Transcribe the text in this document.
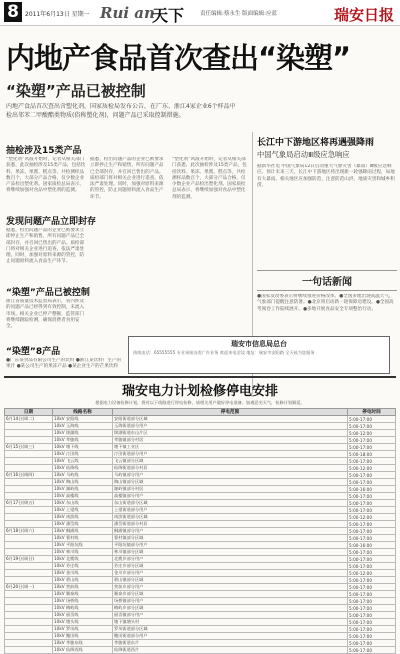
8	2011年6月13日 星期一 Rui an
天下	责任编辑:蔡永生 版面编辑:应蓝	瑞安日报
内地产食品首次查出“染塑”
“染塑”产品已被控制
内地产食品首次查出含塑化剂，国家质检局发布公告，在广东、浙江4家企业6个样品中检出邻苯二甲酸酯类物质(俗称塑化剂)，问题产品已采取控制措施。
抽检涉及15类产品
“塑化剂”风波开始时，记者从相关部门获悉，此次抽检涉及15类产品，包括饮料、果冻、果酱、糕点等，共检测样品数百个，大部分产品合格，仅少数企业产品检出塑化剂。国家质检总局表示，将继续加强对食品中塑化剂的监测。
发现问题产品立即封存
据悉，检出问题产品的企业已被要求立即停止生产和销售，所有问题产品已全部封存，并召回已售出的产品。质检部门将对相关企业进行追查，依法严肃处理。同时，加强对原料来源的管控，防止问题原料流入食品生产环节。
“染塑”产品已被控制
浙江省质量技术监督局表示，省内涉及的问题产品已经得到有效控制，未流入市场。相关企业已停产整顿，监管部门将继续跟踪检测，确保消费者食用安全。
“染塑”8产品
●广东某食品有限公司生产的饮料 ●浙江某饮料厂生产的果汁 ●某公司生产的果冻产品 ●某企业生产的芒果饮料
据悉，检出问题产品的企业已被要求立即停止生产和销售，所有问题产品已全部封存，并召回已售出的产品。质检部门将对相关企业进行追查，依法严肃处理。同时，加强对原料来源的管控，防止问题原料流入食品生产环节。
“塑化剂”风波开始时，记者从相关部门获悉，此次抽检涉及15类产品，包括饮料、果冻、果酱、糕点等，共检测样品数百个，大部分产品合格，仅少数企业产品检出塑化剂。国家质检总局表示，将继续加强对食品中塑化剂的监测。
长江中下游地区将再遇强降雨
中国气象局启动Ⅲ级应急响应
据新华社电 中国气象局12日启动重大气象灾害（暴雨）Ⅲ级应急响应。预计未来三天，长江中下游地区将出现新一轮强降雨过程，局地有大暴雨。相关地区应加强防范，注意防范山洪、地质灾害和城乡积涝。
一句话新闻
●国家发改委表示将继续推进价格改革。●全国多地出现高温天气，气象部门提醒注意防暑。●北京将启动新一轮保障房建设。●全国高考阅卷工作陆续展开。●多地开展食品安全专项整治行动。
瑞安市信息局总台
热线电话：65555555 专业承接各类广告业务 欢迎来电洽谈 地址：瑞安市安阳路 全天候为您服务
瑞安电力计划检修停电安排
根据电力设备检修计划，将对以下线路进行停电检修，请相关用户做好停电准备。如遇恶劣天气，检修计划顺延。
日期	线路名称	停电范围	停电时间
6月14日(周二)	10kV 安阳线	安阳街道部分区域	5:00-17:00
	10kV 玉海线	玉海街道部分用户	5:00-17:00
	10kV 锦湖线	锦湖街道东山片区	5:00-12:00
	10kV 莘塍线	莘塍镇部分村居	5:00-17:00
6月15日(周三)	10kV 塘下线	塘下镇工业区	5:00-17:00
	10kV 汀田线	汀田街道部分用户	5:00-18:00
	10kV 飞云线	飞云镇部分区域	5:00-17:00
	10kV 仙降线	仙降街道部分村居	5:00-12:00
6月16日(周四)	10kV 马屿线	马屿镇部分用户	5:00-17:00
	10kV 陶山线	陶山镇部分区域	5:00-17:00
	10kV 湖岭线	湖岭镇部分村居	5:00-16:00
	10kV 高楼线	高楼镇部分用户	5:00-17:00
6月17日(周五)	10kV 东山线	东山街道部分区域	5:00-17:00
	10kV 上望线	上望街道部分用户	5:00-17:00
	10kV 南滨线	南滨街道部分区域	5:00-12:00
	10kV 潘岱线	潘岱街道部分村居	5:00-17:00
6月18日(周六)	10kV 桐浦线	桐浦镇部分用户	5:00-17:00
	10kV 曹村线	曹村镇部分区域	5:00-17:00
	10kV 平阳坑线	平阳坑镇部分用户	5:00-16:00
	10kV 林川线	林川镇部分区域	5:00-17:00
6月19日(周日)	10kV 北麂线	北麂乡部分用户	5:00-17:00
	10kV 芳庄线	芳庄乡部分区域	5:00-17:00
	10kV 金川线	金川乡部分用户	5:00-12:00
	10kV 碧山线	碧山镇部分区域	5:00-17:00
6月20日(周一)	10kV 营前线	营前乡部分用户	5:00-17:00
	10kV 顺泰线	顺泰乡部分区域	5:00-17:00
	10kV 场桥线	场桥镇部分用户	5:00-17:00
	10kV 梅屿线	梅屿乡部分区域	5:00-17:00
	10kV 丽岙线	丽岙镇部分用户	5:00-17:00
	10kV 塘头线	塘下镇塘头村	5:00-17:00
	10kV 罗凤线	罗凤街道部分区域	5:00-17:00
	10kV 鲍田线	鲍田街道部分用户	5:00-17:00
	10kV 莘塍东线	莘塍街道东片	5:00-17:00
	10kV 仙降西线	仙降街道西片	5:00-17:00
